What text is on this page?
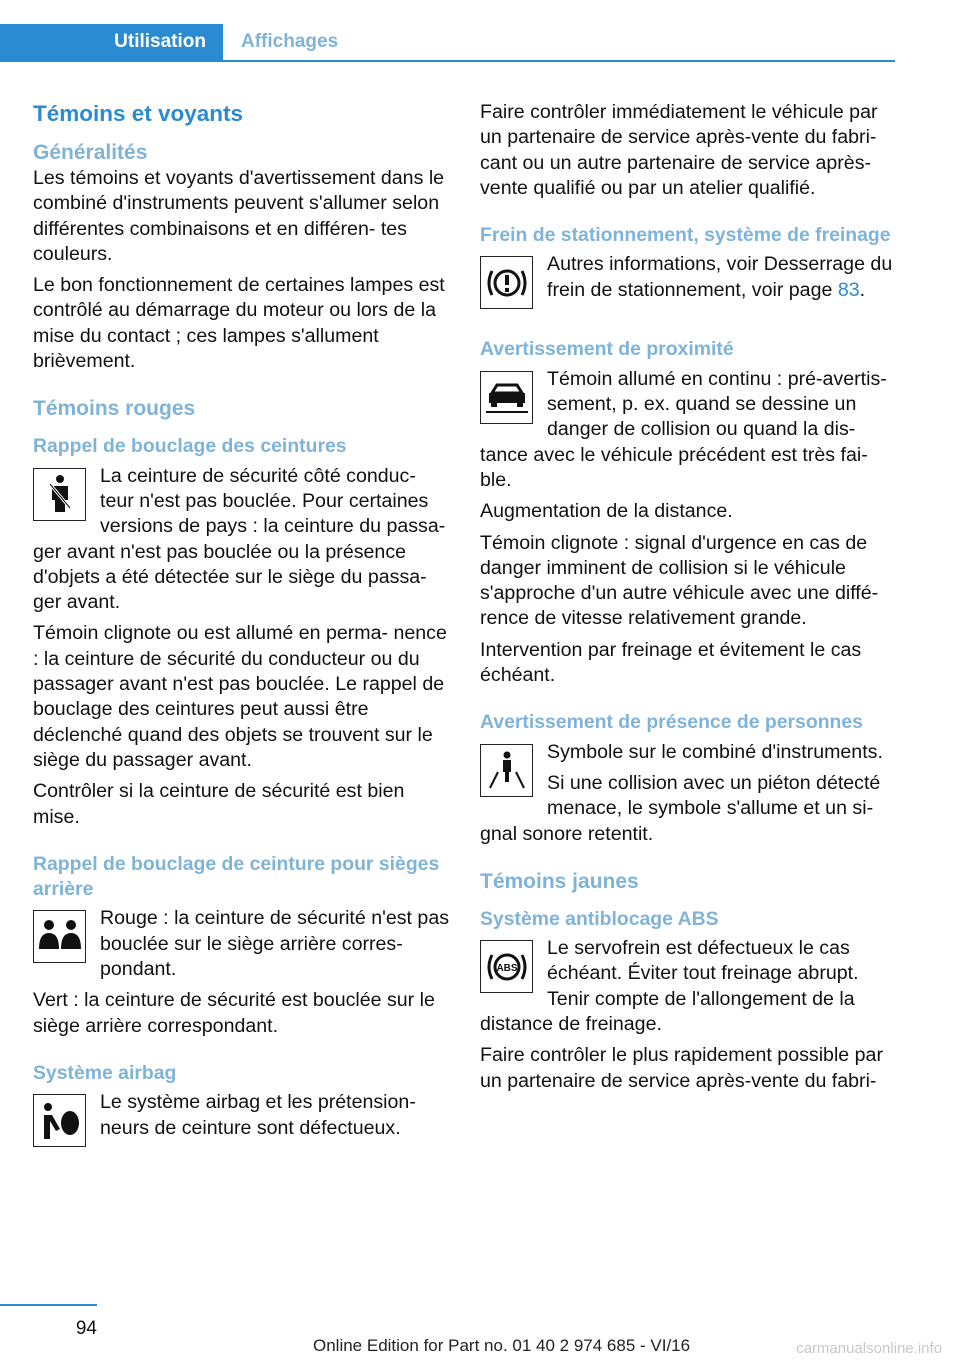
Utilisation Affichages
Témoins et voyants
Généralités

Les témoins et voyants d'avertissement dans le combiné d'instruments peuvent s'allumer selon différentes combinaisons et en différen‐ tes couleurs.

Le bon fonctionnement de certaines lampes est contrôlé au démarrage du moteur ou lors de la mise du contact ; ces lampes s'allument brièvement.

Témoins rouges
Rappel de bouclage des ceintures

La ceinture de sécurité côté conduc‐ teur n'est pas bouclée. Pour certaines versions de pays : la ceinture du passa‐ ger avant n'est pas bouclée ou la présence d'objets a été détectée sur le siège du passa‐ ger avant.

Témoin clignote ou est allumé en perma‐ nence : la ceinture de sécurité du conducteur ou du passager avant n'est pas bouclée. Le rappel de bouclage des ceintures peut aussi être déclenché quand des objets se trouvent sur le siège du passager avant.

Contrôler si la ceinture de sécurité est bien mise.

Rappel de bouclage de ceinture pour sièges arrière

Rouge : la ceinture de sécurité n'est pas bouclée sur le siège arrière corres‐ pondant.

Vert : la ceinture de sécurité est bouclée sur le siège arrière correspondant.

Système airbag

Le système airbag et les prétension‐ neurs de ceinture sont défectueux.

Faire contrôler immédiatement le véhicule par un partenaire de service après-vente du fabri‐ cant ou un autre partenaire de service après- vente qualifié ou par un atelier qualifié.

Frein de stationnement, système de freinage

Autres informations, voir Desserrage du frein de stationnement, voir page 83.

Avertissement de proximité

Témoin allumé en continu : pré-avertis‐ sement, p. ex. quand se dessine un danger de collision ou quand la dis‐ tance avec le véhicule précédent est très fai‐ ble.

Augmentation de la distance.

Témoin clignote : signal d'urgence en cas de danger imminent de collision si le véhicule s'approche d'un autre véhicule avec une diffé‐ rence de vitesse relativement grande.

Intervention par freinage et évitement le cas échéant.

Avertissement de présence de personnes

Symbole sur le combiné d'instruments.

Si une collision avec un piéton détecté menace, le symbole s'allume et un si‐ gnal sonore retentit.

Témoins jaunes
Système antiblocage ABS
ABS

Le servofrein est défectueux le cas échéant. Éviter tout freinage abrupt. Tenir compte de l'allongement de la distance de freinage.

Faire contrôler le plus rapidement possible par un partenaire de service après-vente du fabri‐

94
Online Edition for Part no. 01 40 2 974 685 - VI/16	carmanualsonline.info
